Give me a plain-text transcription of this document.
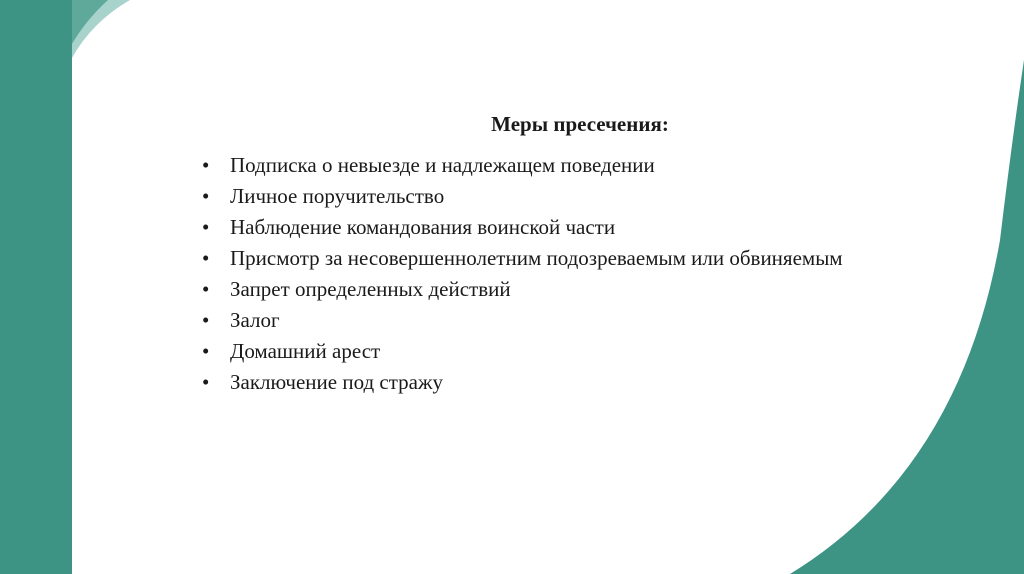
Меры пресечения:
• Подписка о невыезде и надлежащем поведении
• Личное поручительство
• Наблюдение командования воинской части
• Присмотр за несовершеннолетним подозреваемым или обвиняемым
• Запрет определенных действий
• Залог
• Домашний арест
• Заключение под стражу
